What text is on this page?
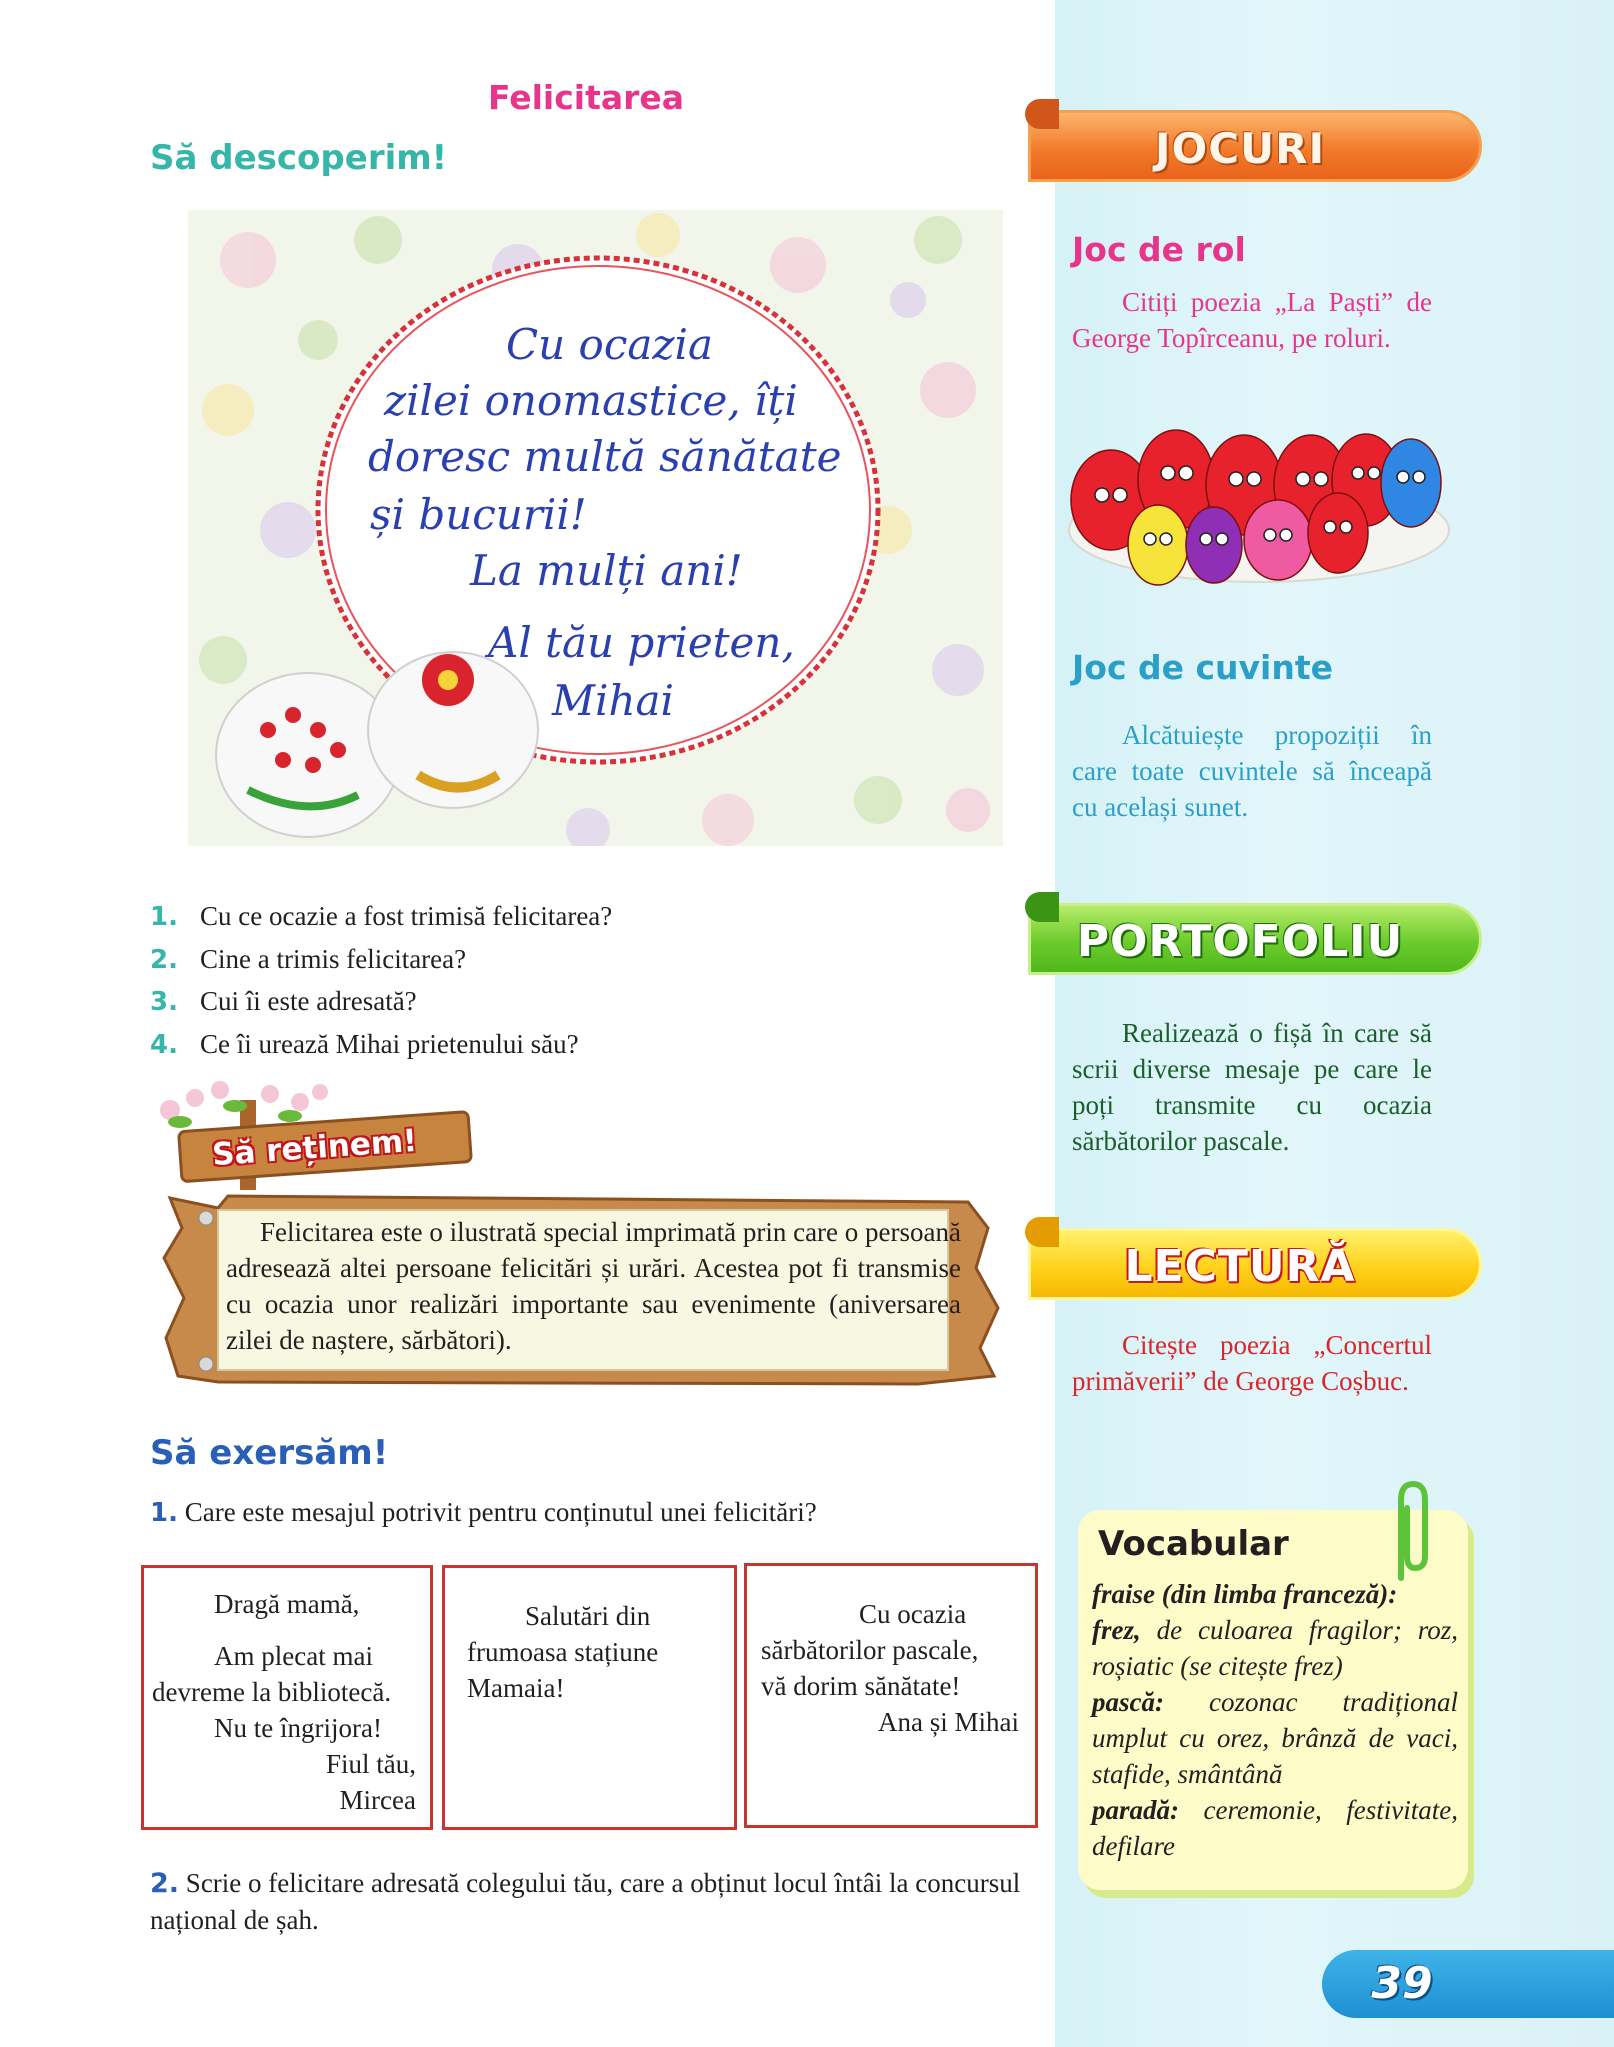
JOCURI
Joc de rol
Citiți poezia „La Paști” de George Topîrceanu, pe roluri.
Joc de cuvinte
Alcătuiește propoziții în care toate cuvintele să înceapă cu același sunet.
PORTOFOLIU
Realizează o fișă în care să scrii diverse mesaje pe care le poți transmite cu ocazia sărbătorilor pascale.
LECTURĂ
Citește poezia „Concertul primăverii” de George Coșbuc.
Vocabular
fraise (din limba franceză):
frez, de culoarea fragilor; roz, roșiatic (se citește frez)
pască: cozonac tradițional umplut cu orez, brânză de vaci, stafide, smântână
paradă: ceremonie, festivitate, defilare
39
Felicitarea
Să descoperim!
Cu ocazia
zilei onomastice, îți
doresc multă sănătate
și bucurii!
La mulți ani!
Al tău prieten,
Mihai
1. Cu ce ocazie a fost trimisă felicitarea?
2. Cine a trimis felicitarea?
3. Cui îi este adresată?
4. Ce îi urează Mihai prietenului său?
Să reținem!
Felicitarea este o ilustrată special imprimată prin care o persoană adresează altei persoane felicitări și urări. Acestea pot fi transmise cu ocazia unor realizări importante sau evenimente (aniversarea zilei de naștere, sărbători).
Să exersăm!
1. Care este mesajul potrivit pentru conținutul unei felicitări?
Dragă mamă,
Am plecat mai
devreme la bibliotecă.
Nu te îngrijora!
Fiul tău,
Mircea
Salutări din
frumoasa stațiune
Mamaia!
Cu ocazia
sărbătorilor pascale,
vă dorim sănătate!
Ana și Mihai
2. Scrie o felicitare adresată colegului tău, care a obținut locul întâi la concursul național de șah.
